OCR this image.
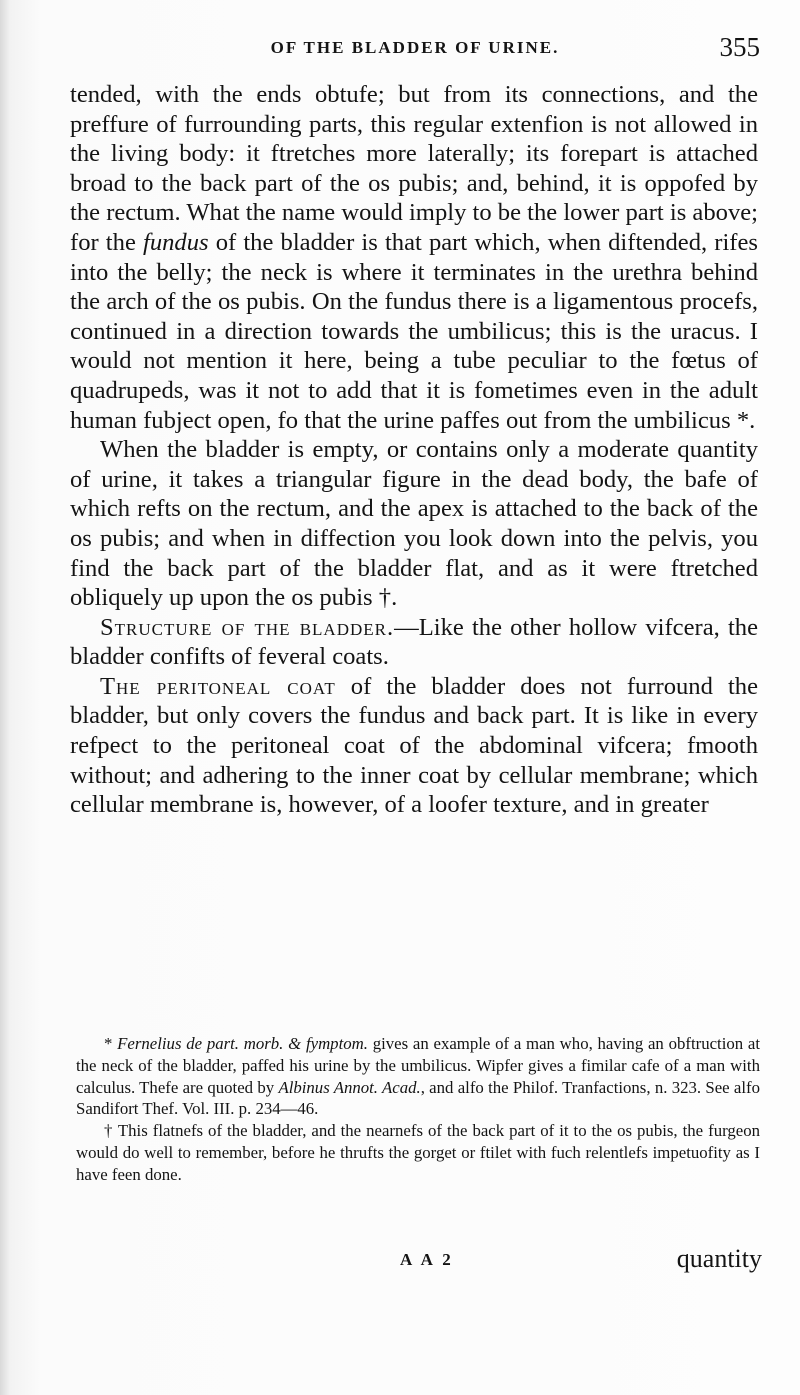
OF THE BLADDER OF URINE.	355

tended, with the ends obtufe; but from its connections, and the preffure of furrounding parts, this regular extenfion is not allowed in the living body: it ftretches more laterally; its forepart is attached broad to the back part of the os pubis; and, behind, it is oppofed by the rectum. What the name would imply to be the lower part is above; for the fundus of the bladder is that part which, when diftended, rifes into the belly; the neck is where it terminates in the urethra behind the arch of the os pubis. On the fundus there is a ligamentous procefs, continued in a direction towards the umbilicus; this is the uracus. I would not mention it here, being a tube peculiar to the fœtus of quadrupeds, was it not to add that it is fometimes even in the adult human fubject open, fo that the urine paffes out from the umbilicus *.

When the bladder is empty, or contains only a moderate quantity of urine, it takes a triangular figure in the dead body, the bafe of which refts on the rectum, and the apex is attached to the back of the os pubis; and when in diffection you look down into the pelvis, you find the back part of the bladder flat, and as it were ftretched obliquely up upon the os pubis †.

Structure of the bladder.—Like the other hollow vifcera, the bladder confifts of feveral coats.

The peritoneal coat of the bladder does not furround the bladder, but only covers the fundus and back part. It is like in every refpect to the peritoneal coat of the abdominal vifcera; fmooth without; and adhering to the inner coat by cellular membrane; which cellular membrane is, however, of a loofer texture, and in greater

* Fernelius de part. morb. & fymptom. gives an example of a man who, having an obftruction at the neck of the bladder, paffed his urine by the umbilicus. Wipfer gives a fimilar cafe of a man with calculus. Thefe are quoted by Albinus Annot. Acad., and alfo the Philof. Tranfactions, n. 323. See alfo Sandifort Thef. Vol. III. p. 234—46.

† This flatnefs of the bladder, and the nearnefs of the back part of it to the os pubis, the furgeon would do well to remember, before he thrufts the gorget or ftilet with fuch relentlefs impetuofity as I have feen done.

A A 2	quantity
